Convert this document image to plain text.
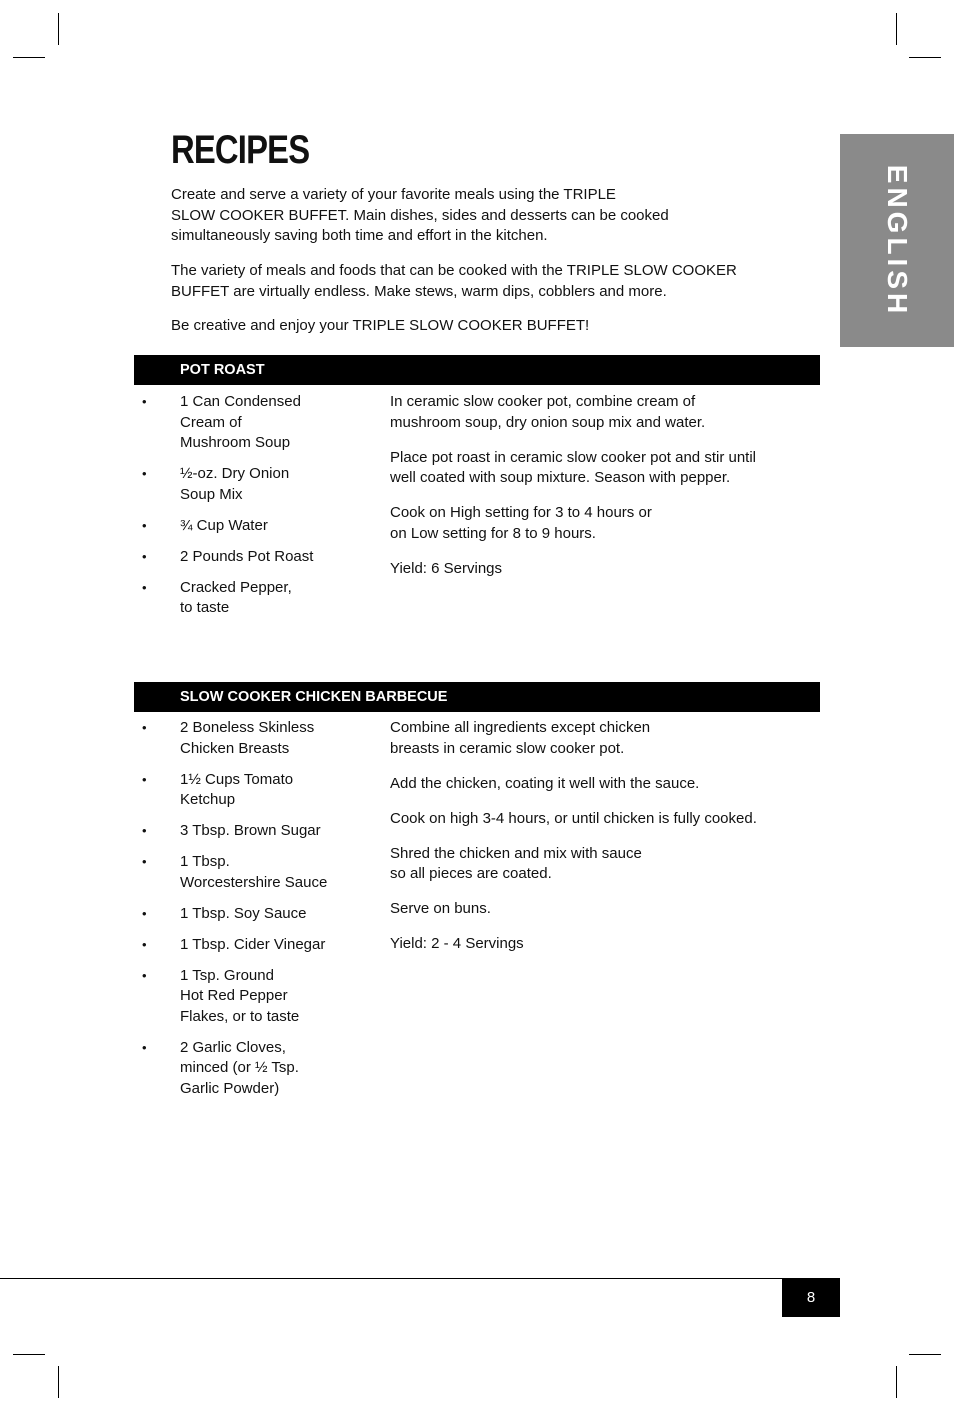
RECIPES

Create and serve a variety of your favorite meals using the TRIPLE
SLOW COOKER BUFFET. Main dishes, sides and desserts can be cooked
simultaneously saving both time and effort in the kitchen.

The variety of meals and foods that can be cooked with the TRIPLE SLOW COOKER
BUFFET are virtually endless. Make stews, warm dips, cobblers and more.

Be creative and enjoy your TRIPLE SLOW COOKER BUFFET!

ENGLISH
POT ROAST
• 1 Can Condensed
Cream of
Mushroom Soup
• ½-oz. Dry Onion
Soup Mix
• ¾ Cup Water
• 2 Pounds Pot Roast
• Cracked Pepper,
to taste

In ceramic slow cooker pot, combine cream of
mushroom soup, dry onion soup mix and water.

Place pot roast in ceramic slow cooker pot and stir until
well coated with soup mixture. Season with pepper.

Cook on High setting for 3 to 4 hours or
on Low setting for 8 to 9 hours.

Yield: 6 Servings

SLOW COOKER CHICKEN BARBECUE
• 2 Boneless Skinless
Chicken Breasts
• 1½ Cups Tomato
Ketchup
• 3 Tbsp. Brown Sugar
• 1 Tbsp.
Worcestershire Sauce
• 1 Tbsp. Soy Sauce
• 1 Tbsp. Cider Vinegar
• 1 Tsp. Ground
Hot Red Pepper
Flakes, or to taste
• 2 Garlic Cloves,
minced (or ½ Tsp.
Garlic Powder)

Combine all ingredients except chicken
breasts in ceramic slow cooker pot.

Add the chicken, coating it well with the sauce.

Cook on high 3-4 hours, or until chicken is fully cooked.

Shred the chicken and mix with sauce
so all pieces are coated.

Serve on buns.

Yield: 2 - 4 Servings

8
